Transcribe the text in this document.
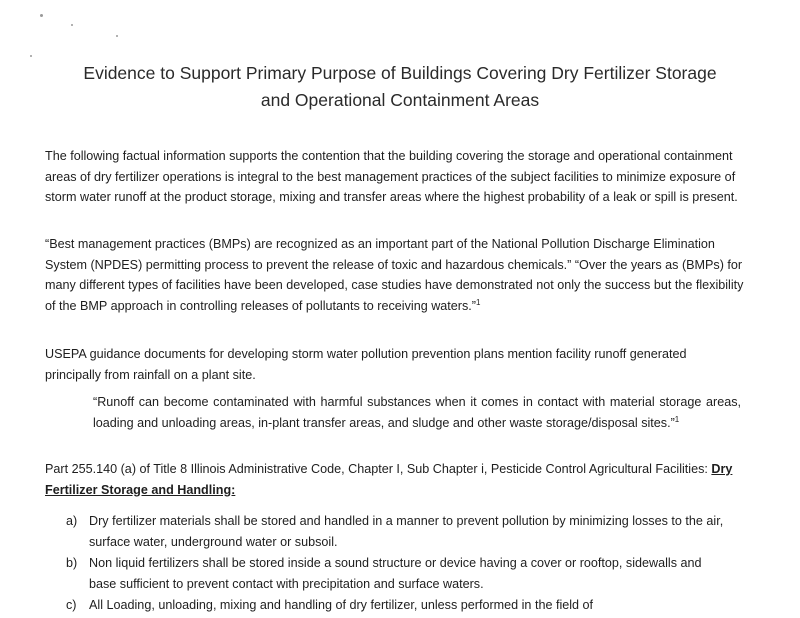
Evidence to Support Primary Purpose of Buildings Covering Dry Fertilizer Storage
and Operational Containment Areas
The following factual information supports the contention that the building covering the storage and operational containment areas of dry fertilizer operations is integral to the best management practices of the subject facilities to minimize exposure of storm water runoff at the product storage, mixing and transfer areas where the highest probability of a leak or spill is present.
“Best management practices (BMPs) are recognized as an important part of the National Pollution Discharge Elimination System (NPDES) permitting process to prevent the release of toxic and hazardous chemicals.” “Over the years as (BMPs) for many different types of facilities have been developed, case studies have demonstrated not only the success but the flexibility of the BMP approach in controlling releases of pollutants to receiving waters.”$^1$
USEPA guidance documents for developing storm water pollution prevention plans mention facility runoff generated principally from rainfall on a plant site.
“Runoff can become contaminated with harmful substances when it comes in contact with material storage areas, loading and unloading areas, in-plant transfer areas, and sludge and other waste storage/disposal sites.”$^1$
Part 255.140 (a) of Title 8 Illinois Administrative Code, Chapter I, Sub Chapter i, Pesticide Control Agricultural Facilities: Dry Fertilizer Storage and Handling:
a) Dry fertilizer materials shall be stored and handled in a manner to prevent pollution by minimizing losses to the air, surface water, underground water or subsoil.
b) Non liquid fertilizers shall be stored inside a sound structure or device having a cover or rooftop, sidewalls and base sufficient to prevent contact with precipitation and surface waters.
c) All Loading, unloading, mixing and handling of dry fertilizer, unless performed in the field of
